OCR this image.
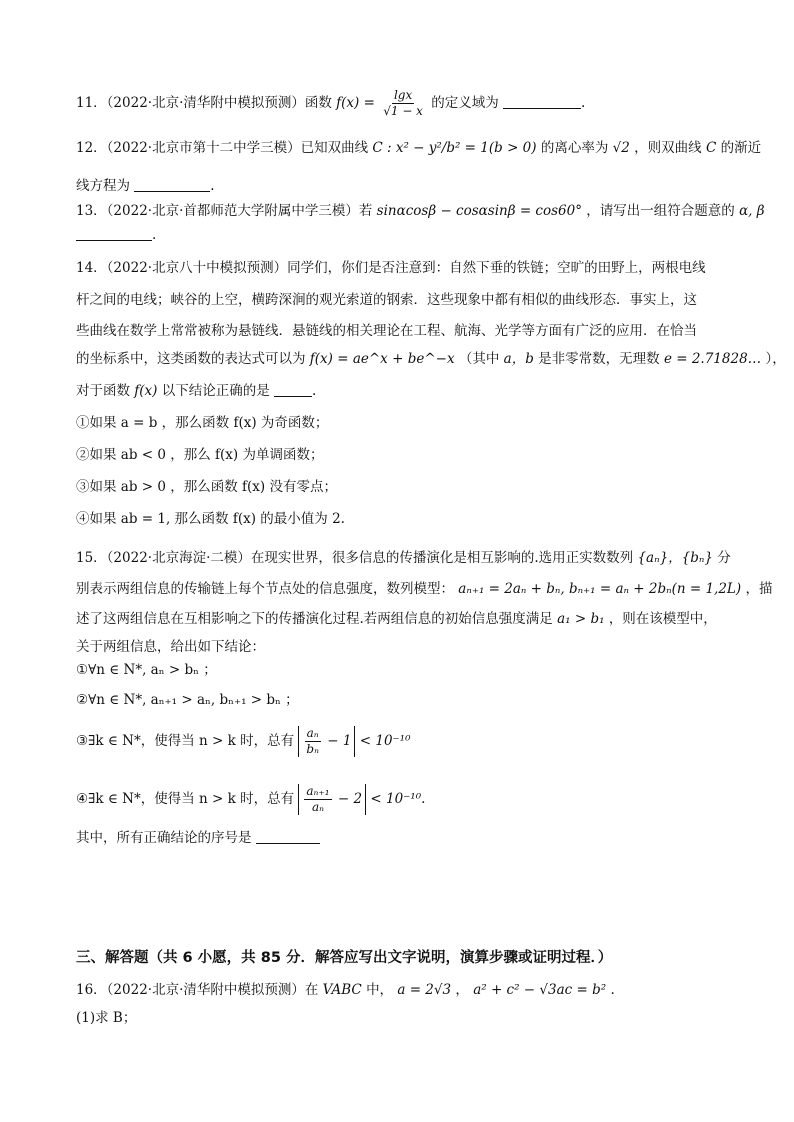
11．（2022·北京·清华附中模拟预测）函数 $f(x) = \frac{\lg x}{√1 - x}$ 的定义域为	.
12．（2022·北京市第十二中学三模）已知双曲线 C : x² − y²/b² = 1(b > 0) 的离心率为 √2 ，则双曲线 C 的渐近
线方程为	.
13．（2022·北京·首都师范大学附属中学三模）若 sinαcosβ − cosαsinβ = cos60° ，请写出一组符合题意的 α, β
.
14．（2022·北京八十中模拟预测）同学们，你们是否注意到：自然下垂的铁链；空旷的田野上，两根电线
杆之间的电线；峡谷的上空，横跨深涧的观光索道的钢索．这些现象中都有相似的曲线形态．事实上，这
些曲线在数学上常常被称为悬链线．悬链线的相关理论在工程、航海、光学等方面有广泛的应用．在恰当
的坐标系中，这类函数的表达式可以为 f(x) = ae^x + be^−x （其中 a，b 是非零常数，无理数 e = 2.71828… ），
对于函数 f(x) 以下结论正确的是	.
①如果 a = b ，那么函数 f(x) 为奇函数；
②如果 ab < 0 ，那么 f(x) 为单调函数；
③如果 ab > 0 ，那么函数 f(x) 没有零点；
④如果 ab = 1, 那么函数 f(x) 的最小值为 2.
15．（2022·北京海淀·二模）在现实世界，很多信息的传播演化是相互影响的.选用正实数数列 {aₙ}，{bₙ} 分
别表示两组信息的传输链上每个节点处的信息强度，数列模型： aₙ₊₁ = 2aₙ + bₙ, bₙ₊₁ = aₙ + 2bₙ(n = 1,2L) ，描
述了这两组信息在互相影响之下的传播演化过程.若两组信息的初始信息强度满足 a₁ > b₁ ，则在该模型中，
关于两组信息，给出如下结论：
①∀n ∈ N*, aₙ > bₙ ；
②∀n ∈ N*, aₙ₊₁ > aₙ, bₙ₊₁ > bₙ ；
③∃k ∈ N*，使得当 n > k 时，总有 $\frac{\text{aₙ}}{\text{bₙ}} - 1 < 10^{-10}$
④∃k ∈ N*，使得当 n > k 时，总有 $\frac{\text{aₙ₊₁}}{\text{aₙ}} - 2 < 10^{-10}$.
其中，所有正确结论的序号是
三、解答题（共 6 小愿，共 85 分．解答应写出文字说明，演算步骤或证明过程．）
16．（2022·北京·清华附中模拟预测）在 VABC 中， a = 2√3 ， a² + c² − √3ac = b² .
(1)求 B；
